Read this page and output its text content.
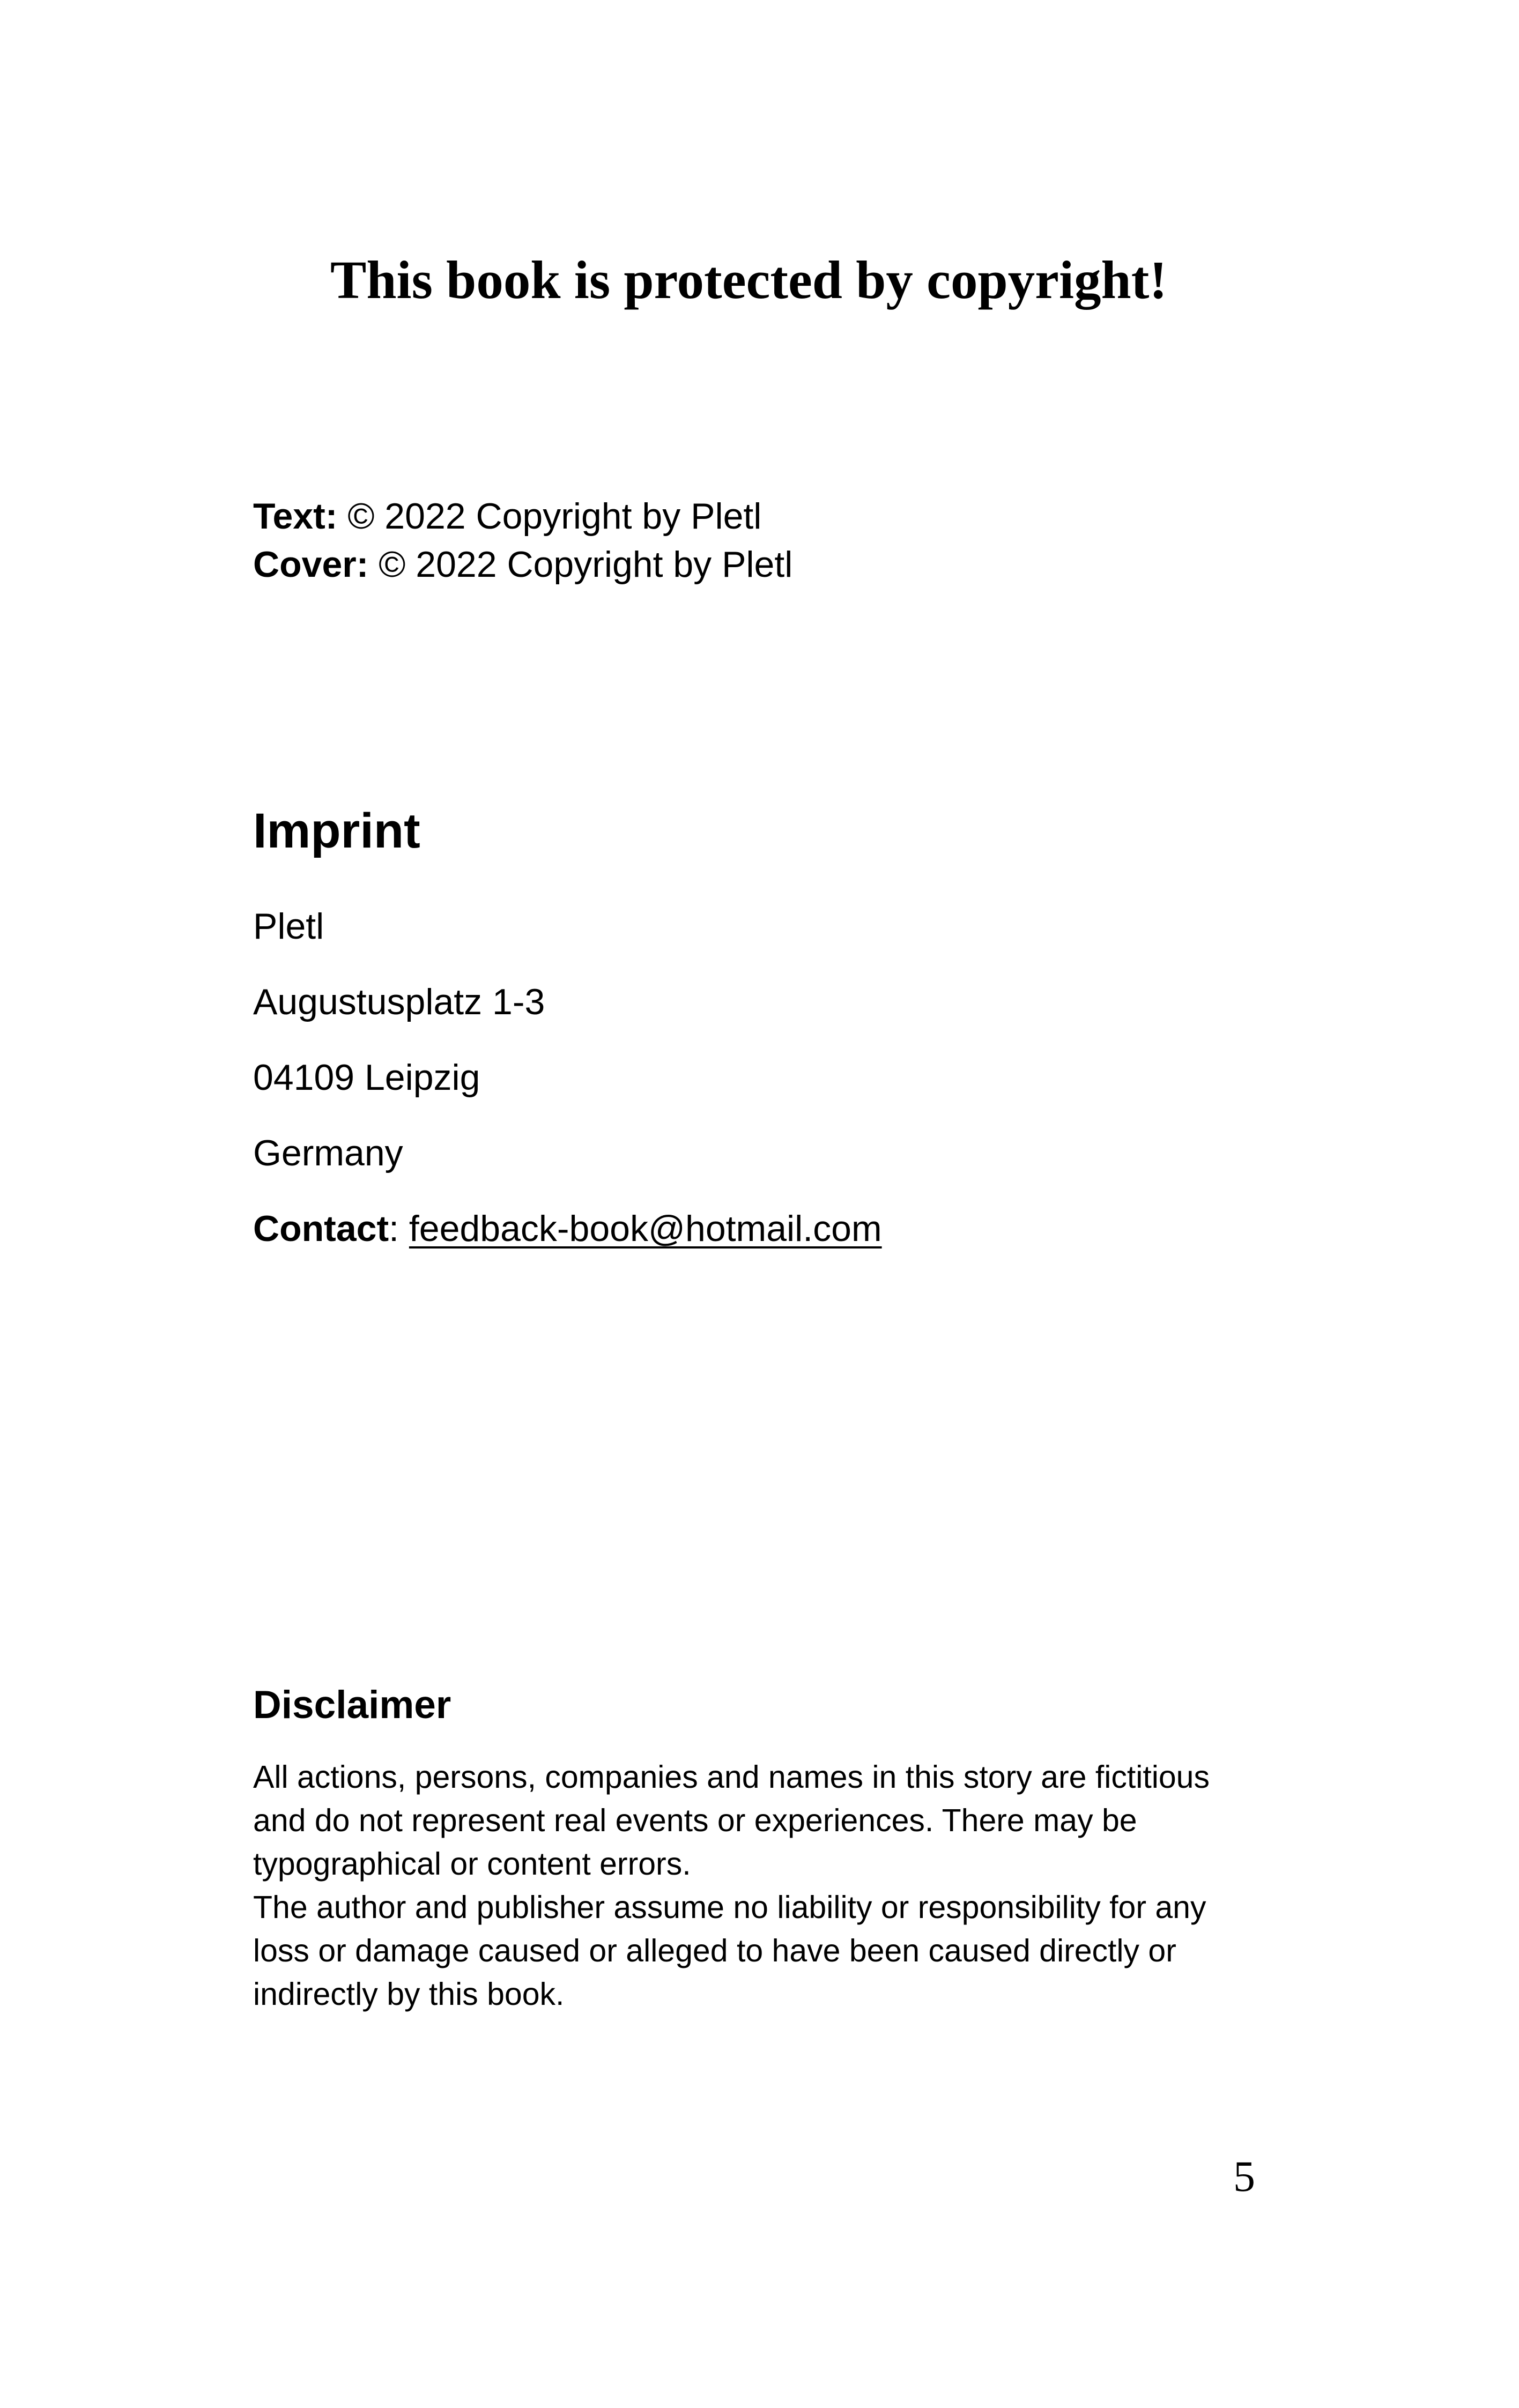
This book is protected by copyright!
Text: © 2022 Copyright by Pletl
Cover: © 2022 Copyright by Pletl
Imprint
Pletl
Augustusplatz 1-3
04109 Leipzig
Germany
Contact: feedback-book@hotmail.com
Disclaimer
All actions, persons, companies and names in this story are fictitious
and do not represent real events or experiences. There may be
typographical or content errors.
The author and publisher assume no liability or responsibility for any
loss or damage caused or alleged to have been caused directly or
indirectly by this book.
5
